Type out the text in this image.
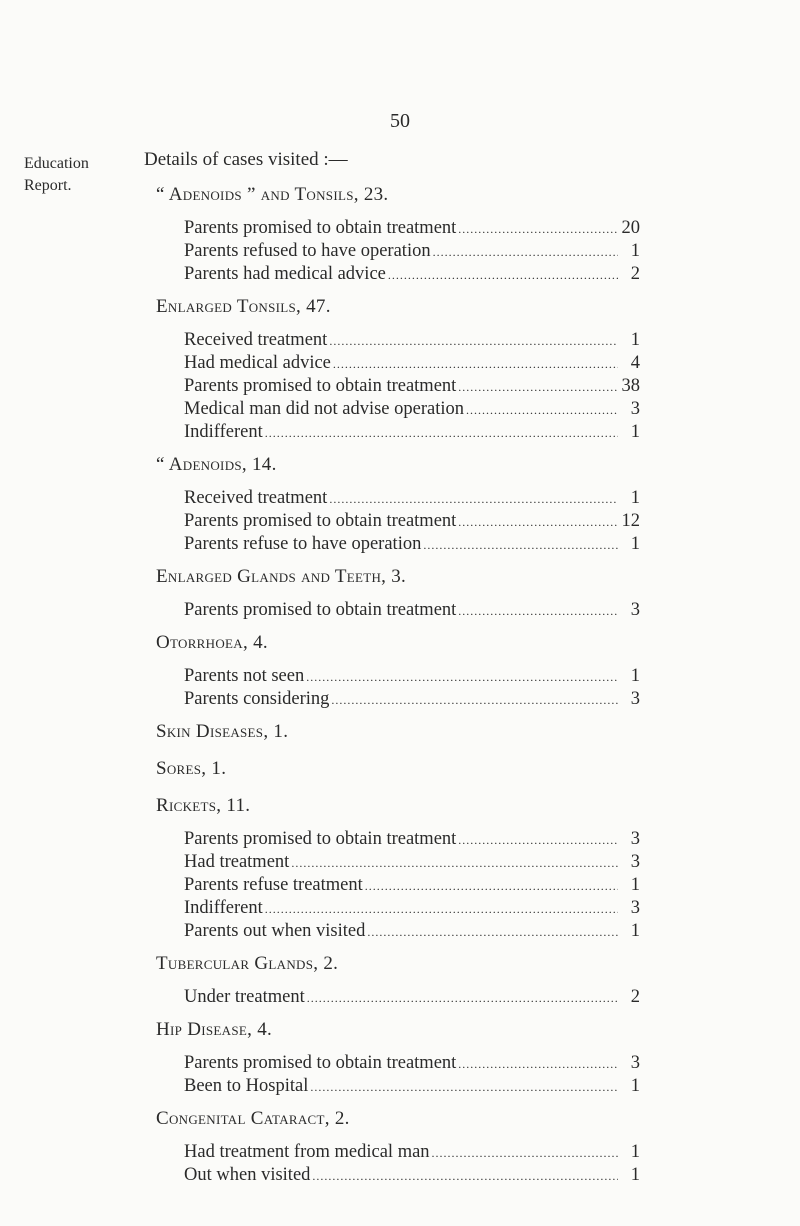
50
Education
Report.
Details of cases visited :—
“ Adenoids ” and Tonsils, 23.
Parents promised to obtain treatment .....	20
Parents refused to have operation .....	1
Parents had medical advice .....	2
Enlarged Tonsils, 47.
Received treatment .....	1
Had medical advice .....	4
Parents promised to obtain treatment .....	38
Medical man did not advise operation .....	3
Indifferent .....	1
“ Adenoids, 14.
Received treatment .....	1
Parents promised to obtain treatment .....	12
Parents refuse to have operation .....	1
Enlarged Glands and Teeth, 3.
Parents promised to obtain treatment .....	3
Otorrhoea, 4.
Parents not seen .....	1
Parents considering .....	3
Skin Diseases, 1.
Sores, 1.
Rickets, 11.
Parents promised to obtain treatment .....	3
Had treatment .....	3
Parents refuse treatment .....	1
Indifferent .....	3
Parents out when visited .....	1
Tubercular Glands, 2.
Under treatment .....	2
Hip Disease, 4.
Parents promised to obtain treatment .....	3
Been to Hospital .....	1
Congenital Cataract, 2.
Had treatment from medical man .....	1
Out when visited .....	1
